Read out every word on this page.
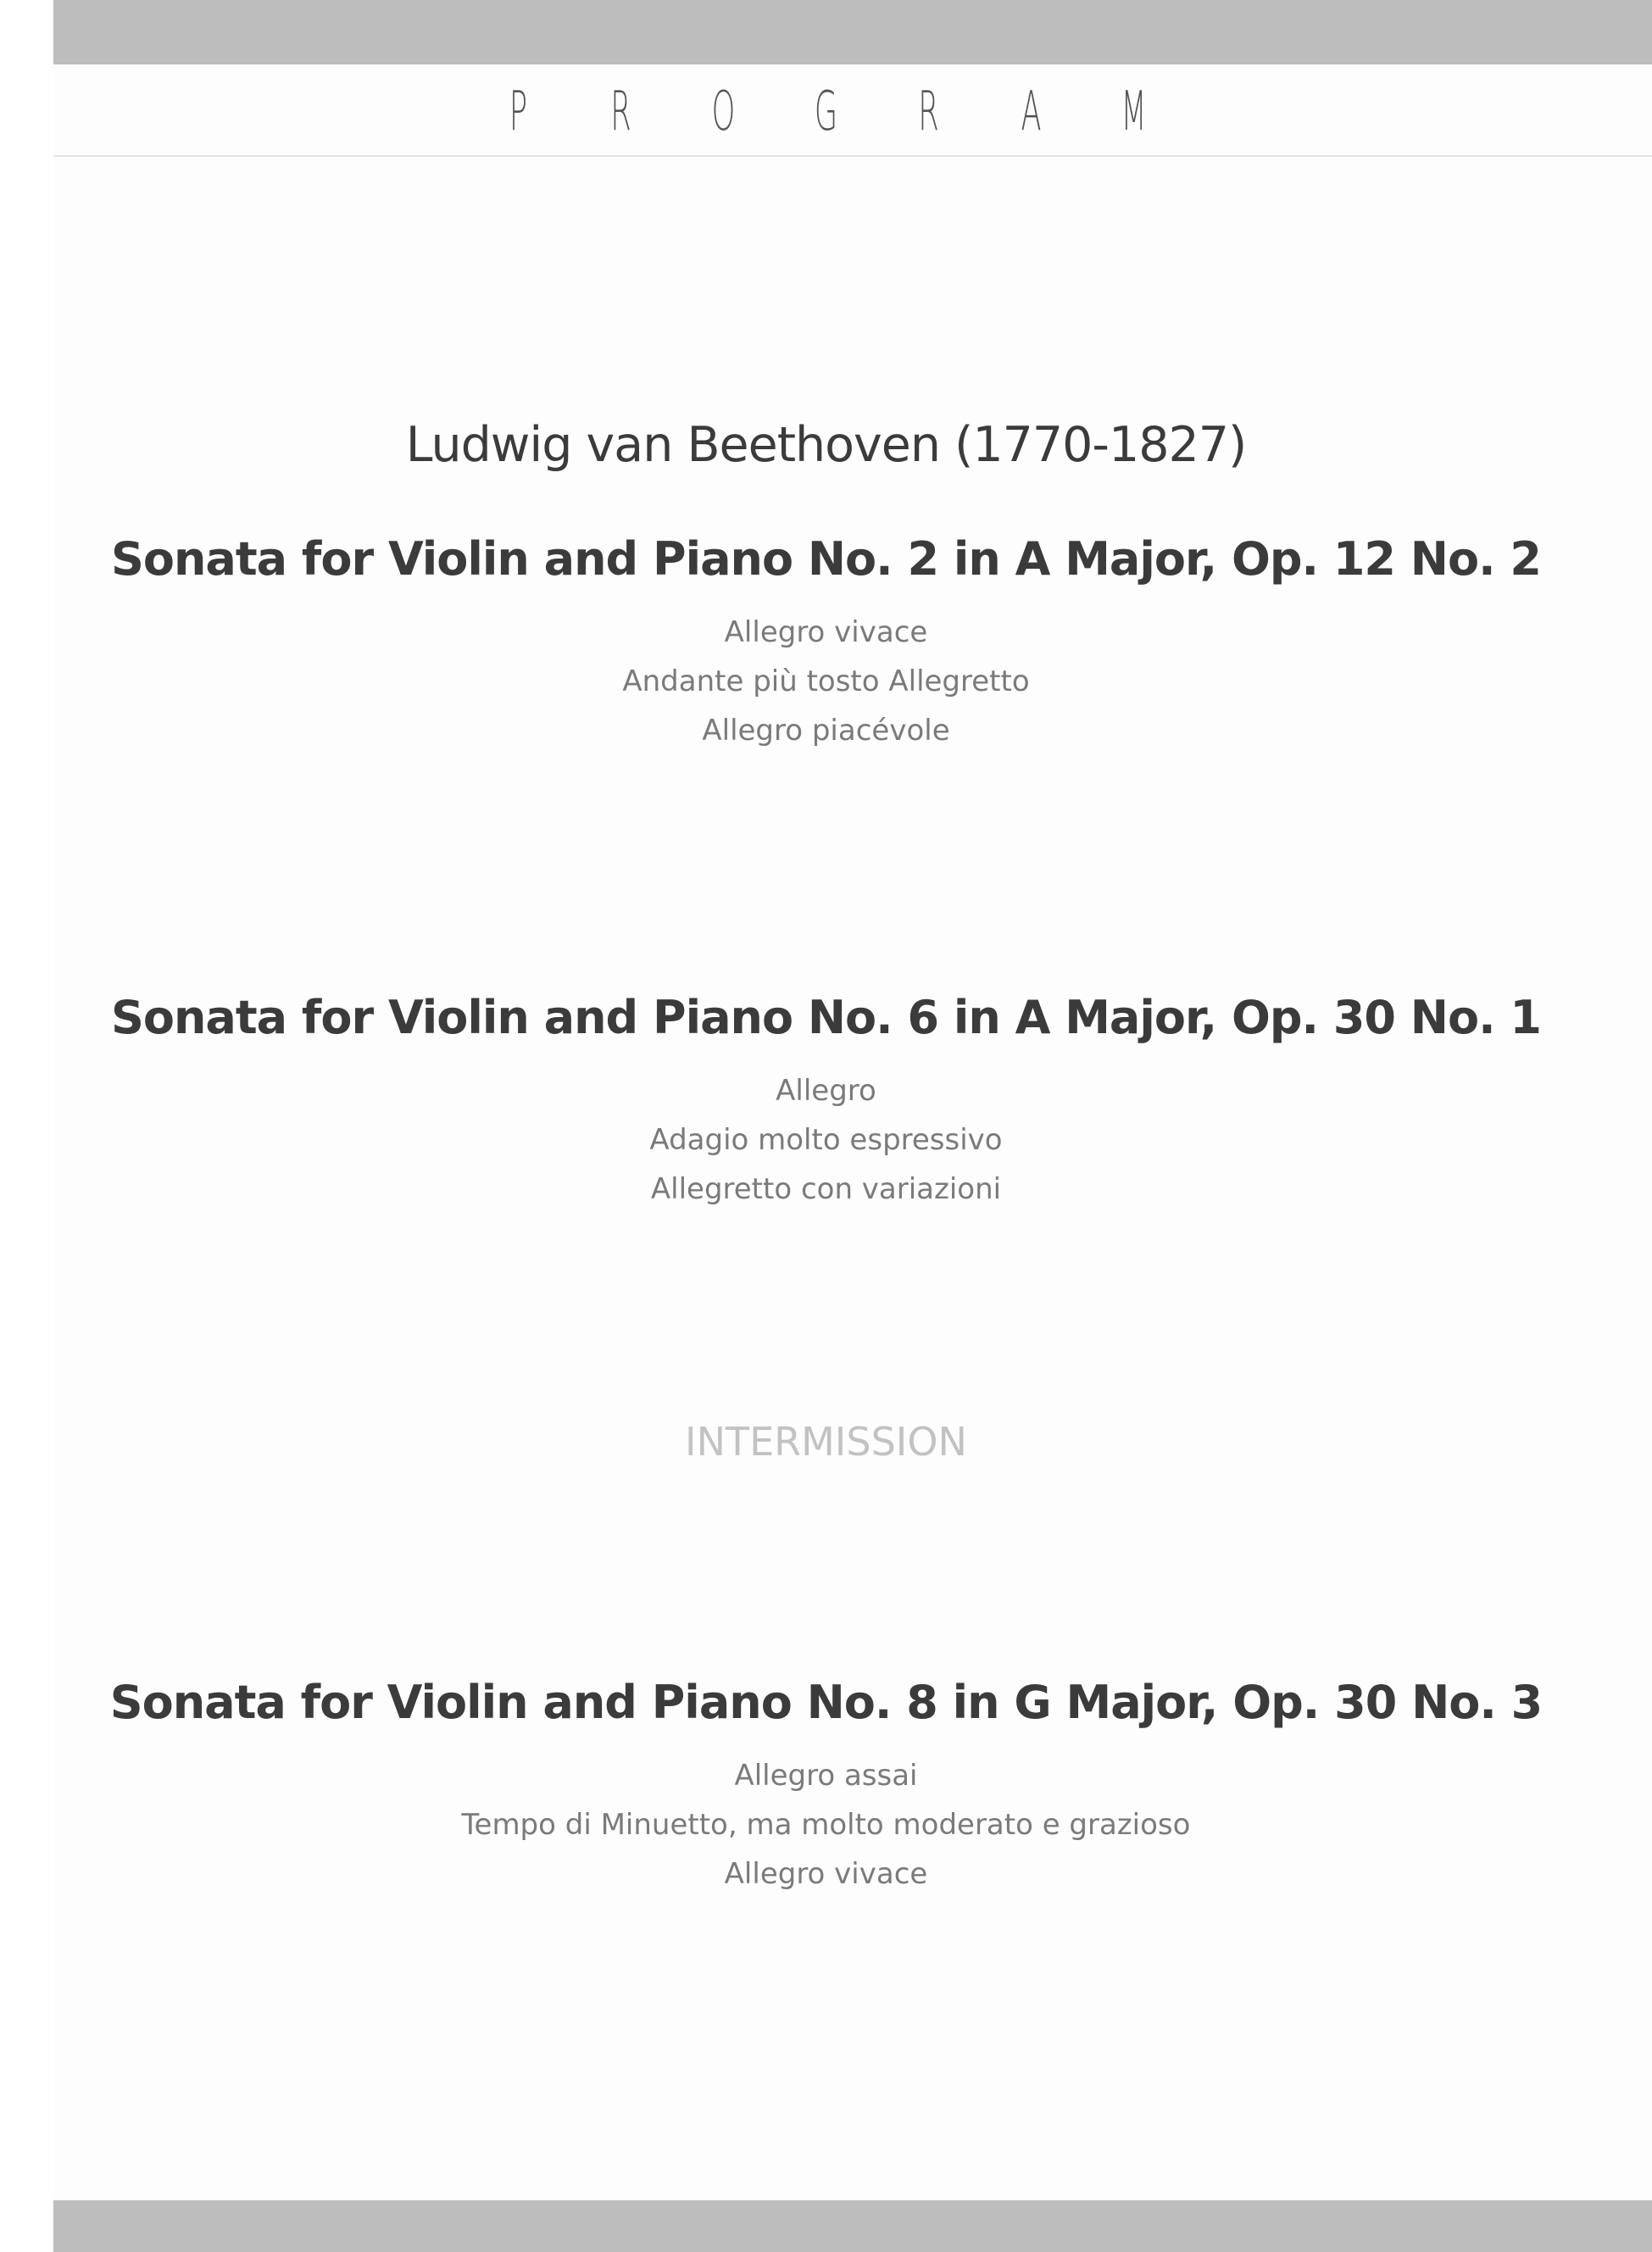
P	R	O	G	R	A	M
Ludwig van Beethoven (1770-1827)
Sonata for Violin and Piano No. 2 in A Major, Op. 12 No. 2
Allegro vivace
Andante più tosto Allegretto
Allegro piacévole
Sonata for Violin and Piano No. 6 in A Major, Op. 30 No. 1
Allegro
Adagio molto espressivo
Allegretto con variazioni
INTERMISSION
Sonata for Violin and Piano No. 8 in G Major, Op. 30 No. 3
Allegro assai
Tempo di Minuetto, ma molto moderato e grazioso
Allegro vivace
